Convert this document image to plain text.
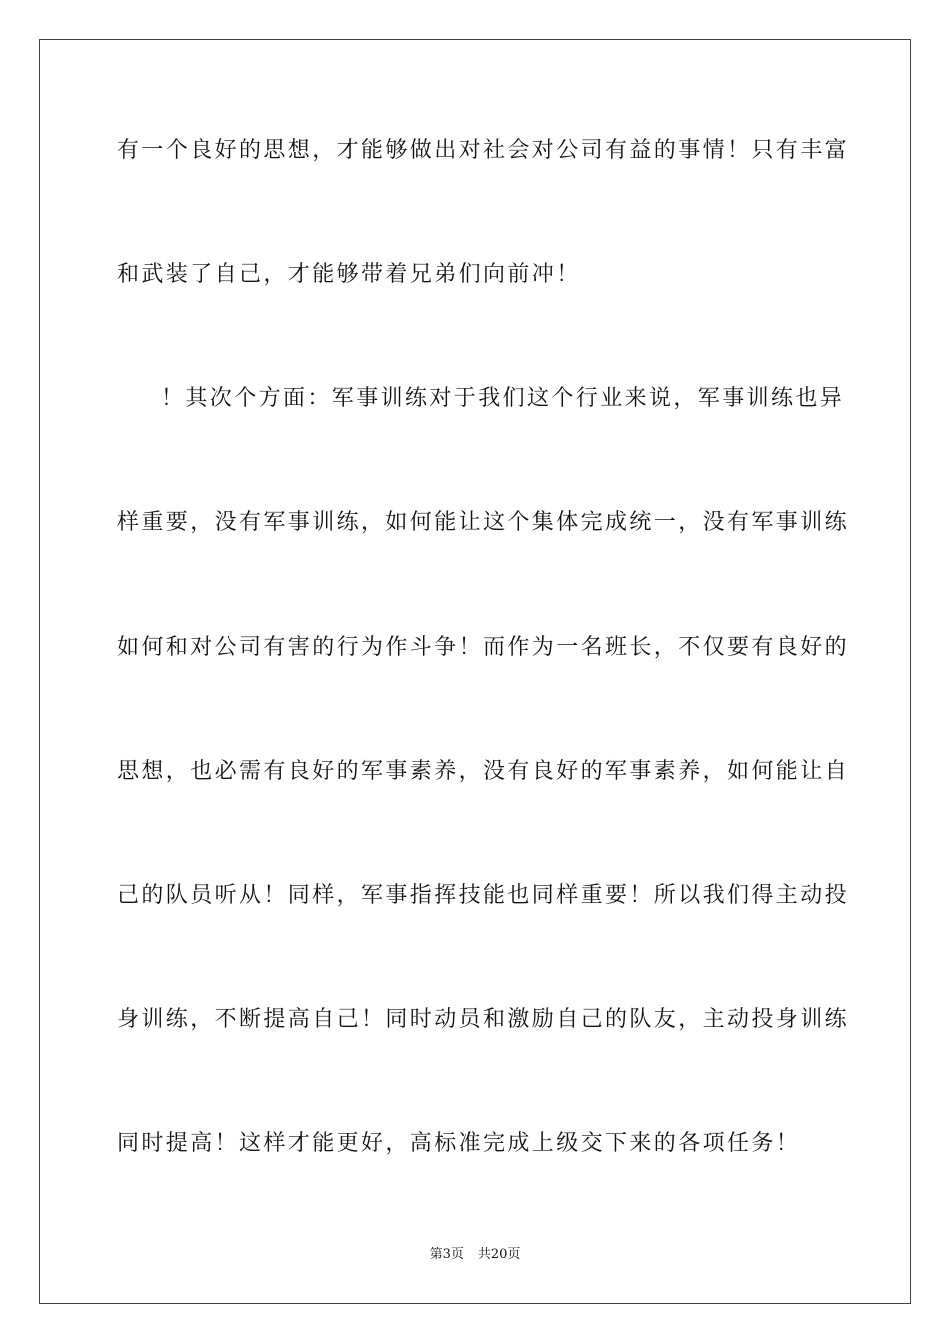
有一个良好的思想，才能够做出对社会对公司有益的事情！只有丰富
和武装了自己，才能够带着兄弟们向前冲！
！其次个方面：军事训练对于我们这个行业来说，军事训练也异
样重要，没有军事训练，如何能让这个集体完成统一，没有军事训练
如何和对公司有害的行为作斗争！而作为一名班长，不仅要有良好的
思想，也必需有良好的军事素养，没有良好的军事素养，如何能让自
己的队员听从！同样，军事指挥技能也同样重要！所以我们得主动投
身训练，不断提高自己！同时动员和激励自己的队友，主动投身训练
同时提高！这样才能更好，高标准完成上级交下来的各项任务！
第3页 共20页
